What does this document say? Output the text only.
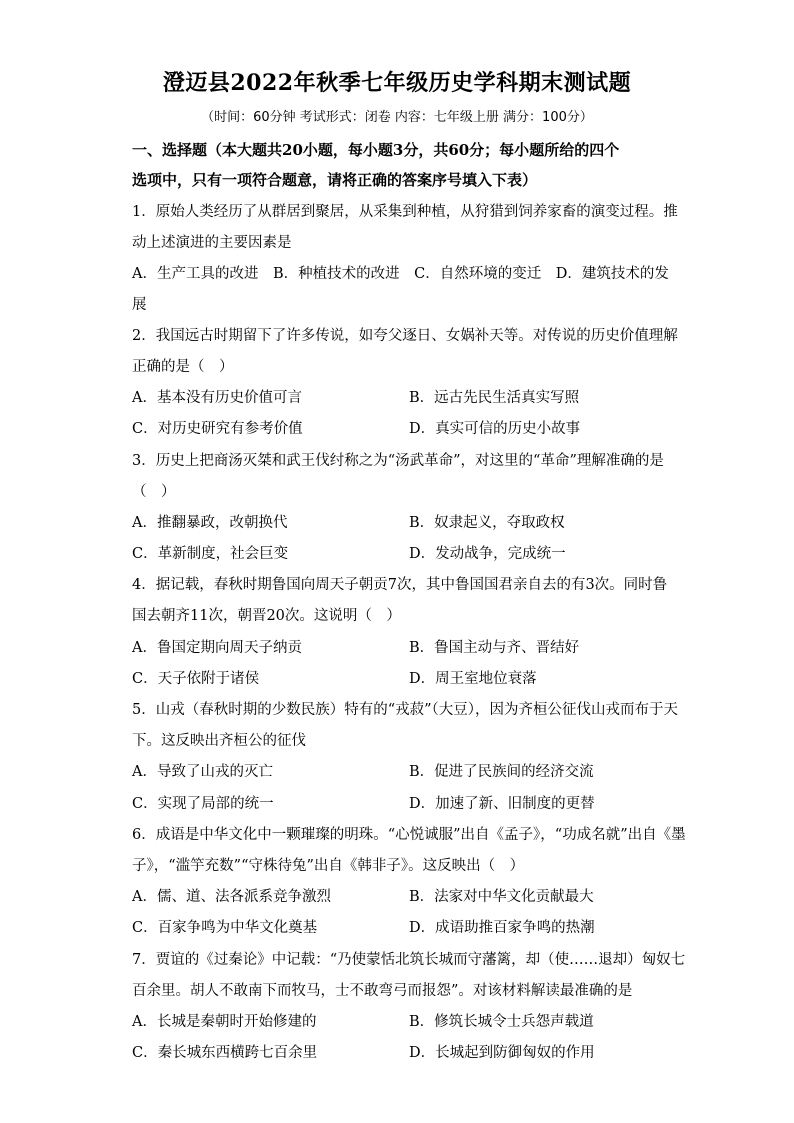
澄迈县2022年秋季七年级历史学科期末测试题
（时间：60分钟 考试形式：闭卷 内容：七年级上册 满分：100分）
一、选择题（本大题共20小题，每小题3分，共60分；每小题所给的四个
选项中，只有一项符合题意，请将正确的答案序号填入下表）
1．原始人类经历了从群居到聚居，从采集到种植，从狩猎到饲养家畜的演变过程。推
动上述演进的主要因素是
A．生产工具的改进　B．种植技术的改进　C．自然环境的变迁　D．建筑技术的发
展
2．我国远古时期留下了许多传说，如夸父逐日、女娲补天等。对传说的历史价值理解
正确的是（　）
A．基本没有历史价值可言	B．远古先民生活真实写照
C．对历史研究有参考价值	D．真实可信的历史小故事
3．历史上把商汤灭桀和武王伐纣称之为“汤武革命”，对这里的“革命”理解准确的是
（　）
A．推翻暴政，改朝换代	B．奴隶起义，夺取政权
C．革新制度，社会巨变	D．发动战争，完成统一
4．据记载，春秋时期鲁国向周天子朝贡7次，其中鲁国国君亲自去的有3次。同时鲁
国去朝齐11次，朝晋20次。这说明（　）
A．鲁国定期向周天子纳贡	B．鲁国主动与齐、晋结好
C．天子依附于诸侯	D．周王室地位衰落
5．山戎（春秋时期的少数民族）特有的“戎菽”（大豆），因为齐桓公征伐山戎而布于天
下。这反映出齐桓公的征伐
A．导致了山戎的灭亡	B．促进了民族间的经济交流
C．实现了局部的统一	D．加速了新、旧制度的更替
6．成语是中华文化中一颗璀璨的明珠。“心悦诚服”出自《孟子》，“功成名就”出自《墨
子》，“滥竽充数”“守株待兔”出自《韩非子》。这反映出（　）
A．儒、道、法各派系竞争激烈	B．法家对中华文化贡献最大
C．百家争鸣为中华文化奠基	D．成语助推百家争鸣的热潮
7．贾谊的《过秦论》中记载：“乃使蒙恬北筑长城而守藩篱，却（使……退却）匈奴七
百余里。胡人不敢南下而牧马，士不敢弯弓而报怨”。对该材料解读最准确的是
A．长城是秦朝时开始修建的	B．修筑长城令士兵怨声载道
C．秦长城东西横跨七百余里	D．长城起到防御匈奴的作用
